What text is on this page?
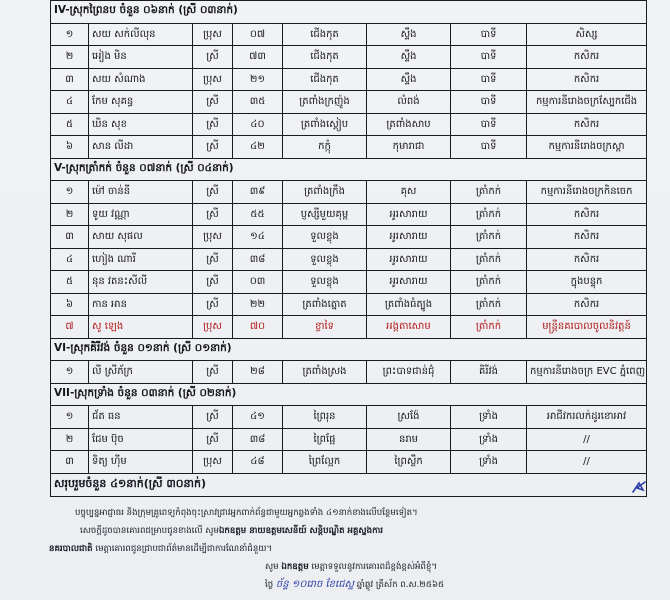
IV-ស្រុកព្រៃនប ចំនួន ០៦នាក់ (ស្រី ០៣នាក់)							
១	សយ សក់លីលុន	ប្រុស	០៧	ជើងកុត	ស្ទឹង	បាទី	សិស្ស
២	អៀង មិន	ស្រី	៧៣	ជើងកុត	ស្ទឹង	បាទី	កសិករ
៣	សយ សំណាង	ប្រុស	២១	ជើងកុត	ស្ទឹង	បាទី	កសិករ
៤	កែម សុគន្ធ	ស្រី	៣៥	ត្រពាំងក្រញ៉ូង	លំពង់	បាទី	កម្មការនីរោងចក្រស្បែកជើង
៥	ឃិន សុខ	ស្រី	៤០	ត្រពាំងស្គៀប	ត្រពាំងសាប	បាទី	កសិករ
៦	សាន លីដា	ស្រី	៤២	កក្កុំ	កុមារាជា	បាទី	កម្មការនីរោងចក្រស្ពា
V-ស្រុកត្រាំកក់ ចំនួន ០៧នាក់ (ស្រី ០៤នាក់)							
១	ម៉ៅ ចាន់នី	ស្រី	៣៩	ត្រពាំងក្រឹង	គុស	ត្រាំកក់	កម្មការនីរោងចក្រកិនចេក
២	ទូយ វណ្ណា	ស្រី	៥៥	ប្ញស្សីមួយគុម្ព	អូរសារាយ	ត្រាំកក់	កសិករ
៣	សាយ សុផល	ប្រុស	១៤	ទួលខ្លុង	អូរសារាយ	ត្រាំកក់	កសិករ
៤	ហៀង ណារី	ស្រី	៣៨	ទួលខ្លុង	អូរសារាយ	ត្រាំកក់	កសិករ
៥	នុន វតនះសីលី	ស្រី	០៣	ទួលខ្លុង	អូរសារាយ	ត្រាំកក់	ក្នុងបន្ទុក
៦	កាន អាន	ស្រី	២២	ត្រពាំងត្នោត	ត្រពាំងធំត្បូង	ត្រាំកក់	កសិករ
៧	សូ ឡេង	ប្រុស	៧០	ខ្លាទៃ	អង្គតាសោម	ត្រាំកក់	មន្ត្រីនគរបាលចូលនិវត្តន៍
VI-ស្រុកគិរីវង់ ចំនួន ០១នាក់ (ស្រី ០១នាក់)							
១	លី ស្រីភ័ក្រ	ស្រី	២៨	ត្រពាំងស្រង	ព្រះបាទជាន់ជុំ	គិរីវង់	កម្មការនីរោងចក្រ EVC ភ្នំពេញ
VII-ស្រុកទ្រាំង ចំនួន ០៣នាក់ (ស្រី ០២នាក់)							
១	ជ័ត ធន	ស្រី	៤១	ព្រៃរុន	ស្រង៉ែ	ទ្រាំង	អាជីវករលក់ដូរខោអាវ
២	ជែម ប៊ុច	ស្រី	៣៨	ព្រៃផ្អែ	នរាម	ទ្រាំង	//
៣	ទិត្យ ហ៊ីម	ប្រុស	៤៨	ព្រៃល្អែក	ព្រៃស្លឹក	ទ្រាំង	//
សរុបរួមចំនួន ៤១នាក់(ស្រី ៣០នាក់)							
បច្ចុប្បន្នអាជ្ញាធរ និងក្រុមគ្រូពេទ្យកំពុងចុះស្រាវជ្រាវអ្នកពាក់ព័ន្ធជាមួយអ្នកឆ្លងទាំង ៤១នាក់ខាងលើបន្ថែមទៀត។
សេចក្តីដូចបានគោរពជម្រាបជូនខាងលើ សូមឯកឧត្តម នាយឧត្តមសេនីយ៍ សន្តិបណ្ឌិត អគ្គស្នងការ
នគរបាលជាតិ មេត្តាគោរពជូនជ្រាបជាព័ត៌មានដើម្បីជាការណែនាំជំនួយ។
សូម ឯកឧត្តម មេត្តាទទួលនូវការគោរពដ៏ខ្ពង់ខ្ពស់អំពីខ្ញុំ។
ថ្ងៃ ច័ន្ទ ១០រោច ខែជេស្ឋ ឆ្នាំឆ្លូវ ត្រីស័ក ព.ស.២៥៦៥
